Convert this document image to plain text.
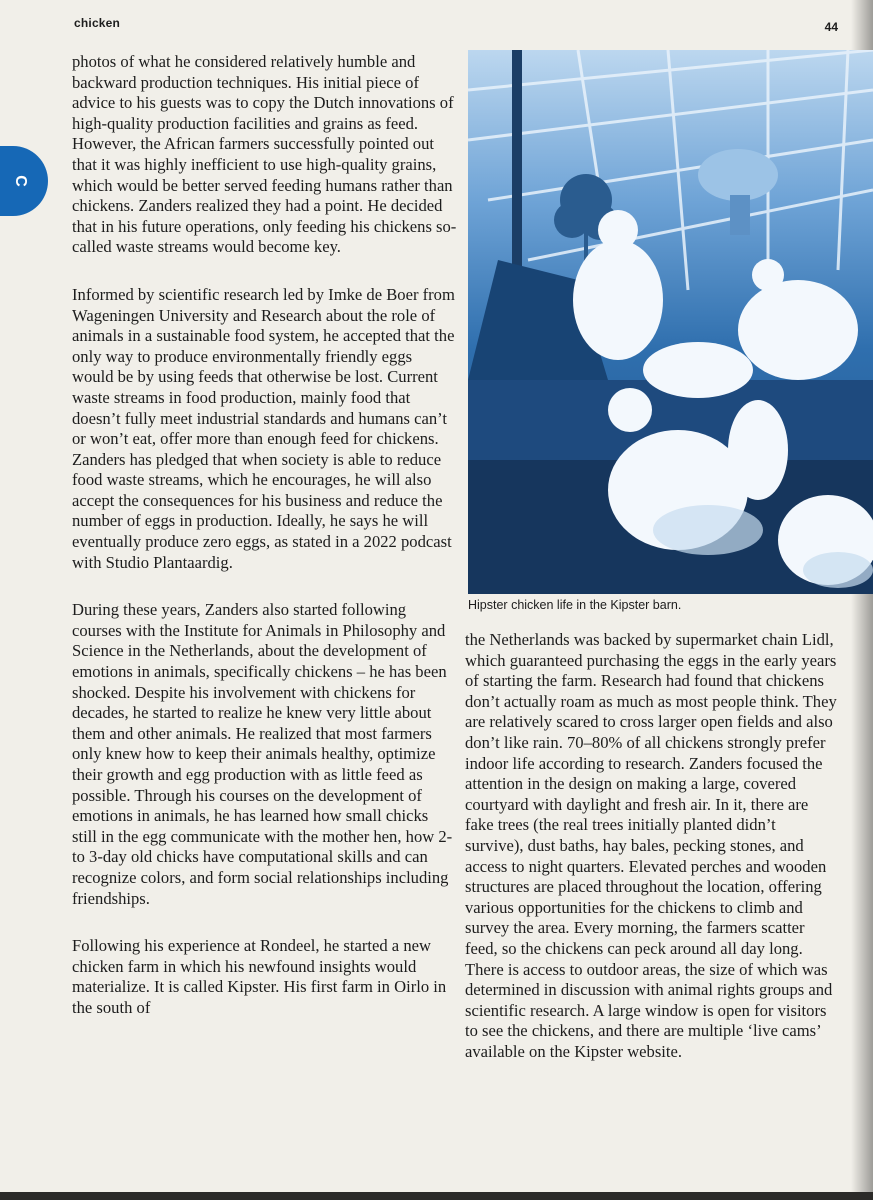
chicken	44
C

photos of what he considered relatively humble and backward production techniques. His initial piece of advice to his guests was to copy the Dutch innovations of high-quality production facilities and grains as feed. However, the African farmers successfully pointed out that it was highly inefficient to use high-quality grains, which would be better served feeding humans rather than chickens. Zanders realized they had a point. He decided that in his future operations, only feeding his chickens so-called waste streams would become key.

Informed by scientific research led by Imke de Boer from Wageningen University and Research about the role of animals in a sustainable food system, he accepted that the only way to produce environmentally friendly eggs would be by using feeds that otherwise be lost. Current waste streams in food production, mainly food that doesn’t fully meet industrial standards and humans can’t or won’t eat, offer more than enough feed for chickens. Zanders has pledged that when society is able to reduce food waste streams, which he encourages, he will also accept the consequences for his business and reduce the number of eggs in production. Ideally, he says he will eventually produce zero eggs, as stated in a 2022 podcast with Studio Plantaardig.

During these years, Zanders also started following courses with the Institute for Animals in Philosophy and Science in the Netherlands, about the development of emotions in animals, specifically chickens – he has been shocked. Despite his involvement with chickens for decades, he started to realize he knew very little about them and other animals. He realized that most farmers only knew how to keep their animals healthy, optimize their growth and egg production with as little feed as possible. Through his courses on the development of emotions in animals, he has learned how small chicks still in the egg communicate with the mother hen, how 2- to 3-day old chicks have computational skills and can recognize colors, and form social relationships including friendships.

Following his experience at Rondeel, he started a new chicken farm in which his newfound insights would materialize. It is called Kipster. His first farm in Oirlo in the south of

Hipster chicken life in the Kipster barn.

the Netherlands was backed by supermarket chain Lidl, which guaranteed purchasing the eggs in the early years of starting the farm. Research had found that chickens don’t actually roam as much as most people think. They are relatively scared to cross larger open fields and also don’t like rain. 70–80% of all chickens strongly prefer indoor life according to research. Zanders focused the attention in the design on making a large, covered courtyard with daylight and fresh air. In it, there are fake trees (the real trees initially planted didn’t survive), dust baths, hay bales, pecking stones, and access to night quarters. Elevated perches and wooden structures are placed throughout the location, offering various opportunities for the chickens to climb and survey the area. Every morning, the farmers scatter feed, so the chickens can peck around all day long. There is access to outdoor areas, the size of which was determined in discussion with animal rights groups and scientific research. A large window is open for visitors to see the chickens, and there are multiple ‘live cams’ available on the Kipster website.
